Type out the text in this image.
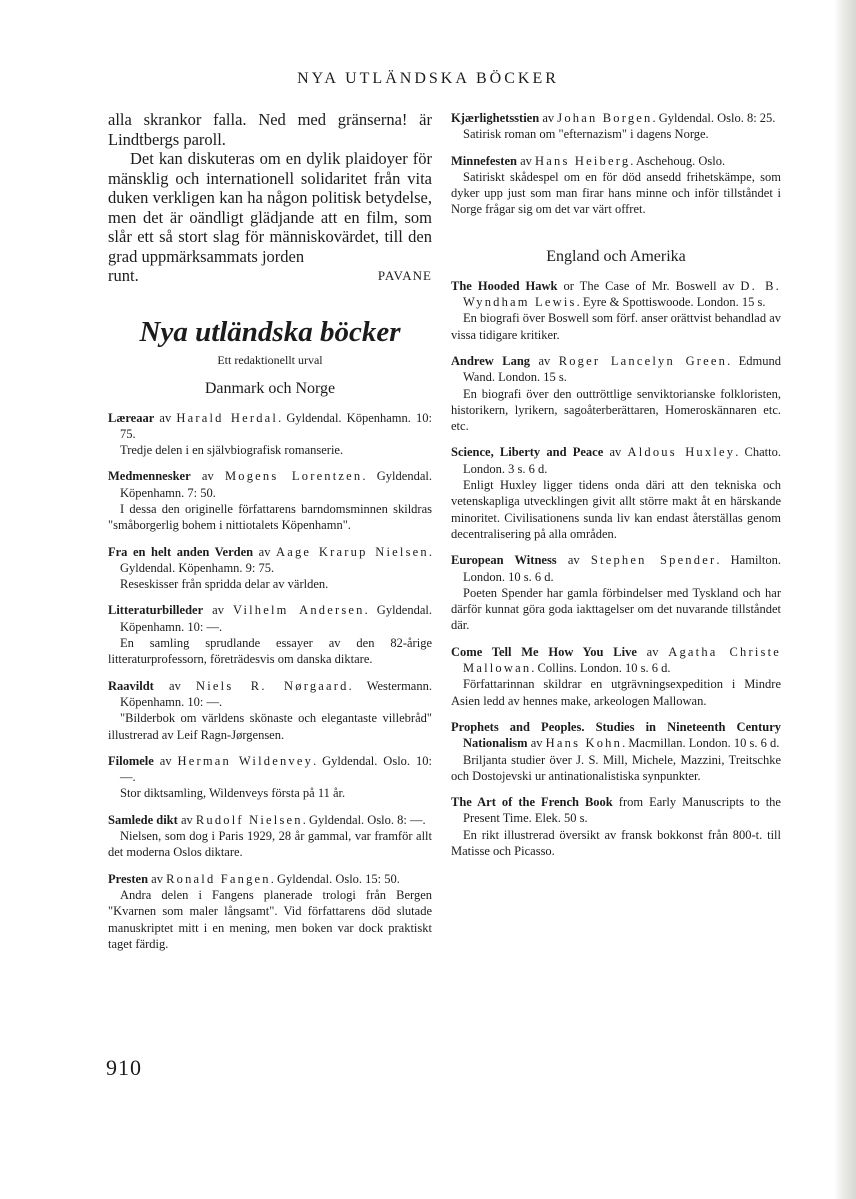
NYA UTLÄNDSKA BÖCKER

alla skrankor falla. Ned med gränserna! är Lindtbergs paroll.

Det kan diskuteras om en dylik plaidoyer för mänsklig och internationell solidaritet från vita duken verkligen kan ha någon politisk betydelse, men det är oändligt glädjande att en film, som slår ett så stort slag för människovärdet, till den grad uppmärksammats jorden

runt.	PAVANE
Nya utländska böcker
Ett redaktionellt urval
Danmark och Norge

Læreaar av Harald Herdal. Gyldendal. Köpenhamn. 10: 75.

Tredje delen i en självbiografisk romanserie.

Medmennesker av Mogens Lorentzen. Gyldendal. Köpenhamn. 7: 50.

I dessa den originelle författarens barndomsminnen skildras "småborgerlig bohem i nittiotalets Köpenhamn".

Fra en helt anden Verden av Aage Krarup Nielsen. Gyldendal. Köpenhamn. 9: 75.

Reseskisser från spridda delar av världen.

Litteraturbilleder av Vilhelm Andersen. Gyldendal. Köpenhamn. 10: —.

En samling sprudlande essayer av den 82-årige litteraturprofessorn, företrädesvis om danska diktare.

Raavildt av Niels R. Nørgaard. Westermann. Köpenhamn. 10: —.

"Bilderbok om världens skönaste och elegantaste villebråd" illustrerad av Leif Ragn-Jørgensen.

Filomele av Herman Wildenvey. Gyldendal. Oslo. 10: —.

Stor diktsamling, Wildenveys första på 11 år.

Samlede dikt av Rudolf Nielsen. Gyldendal. Oslo. 8: —.

Nielsen, som dog i Paris 1929, 28 år gammal, var framför allt det moderna Oslos diktare.

Presten av Ronald Fangen. Gyldendal. Oslo. 15: 50.

Andra delen i Fangens planerade trologi från Bergen "Kvarnen som maler långsamt". Vid författarens död slutade manuskriptet mitt i en mening, men boken var dock praktiskt taget färdig.

Kjærlighetsstien av Johan Borgen. Gyldendal. Oslo. 8: 25.

Satirisk roman om "efternazism" i dagens Norge.

Minnefesten av Hans Heiberg. Aschehoug. Oslo.

Satiriskt skådespel om en för död ansedd frihetskämpe, som dyker upp just som man firar hans minne och inför tillståndet i Norge frågar sig om det var värt offret.

England och Amerika

The Hooded Hawk or The Case of Mr. Boswell av D. B. Wyndham Lewis. Eyre & Spottiswoode. London. 15 s.

En biografi över Boswell som förf. anser orättvist behandlad av vissa tidigare kritiker.

Andrew Lang av Roger Lancelyn Green. Edmund Wand. London. 15 s.

En biografi över den outtröttlige senviktorianske folkloristen, historikern, lyrikern, sagoåterberättaren, Homeroskännaren etc. etc.

Science, Liberty and Peace av Aldous Huxley. Chatto. London. 3 s. 6 d.

Enligt Huxley ligger tidens onda däri att den tekniska och vetenskapliga utvecklingen givit allt större makt åt en härskande minoritet. Civilisationens sunda liv kan endast återställas genom decentralisering på alla områden.

European Witness av Stephen Spender. Hamilton. London. 10 s. 6 d.

Poeten Spender har gamla förbindelser med Tyskland och har därför kunnat göra goda iakttagelser om det nuvarande tillståndet där.

Come Tell Me How You Live av Agatha Christe Mallowan. Collins. London. 10 s. 6 d.

Författarinnan skildrar en utgrävningsexpedition i Mindre Asien ledd av hennes make, arkeologen Mallowan.

Prophets and Peoples. Studies in Nineteenth Century Nationalism av Hans Kohn. Macmillan. London. 10 s. 6 d.

Briljanta studier över J. S. Mill, Michele, Mazzini, Treitschke och Dostojevski ur antinationalistiska synpunkter.

The Art of the French Book from Early Manuscripts to the Present Time. Elek. 50 s.

En rikt illustrerad översikt av fransk bokkonst från 800-t. till Matisse och Picasso.

910
